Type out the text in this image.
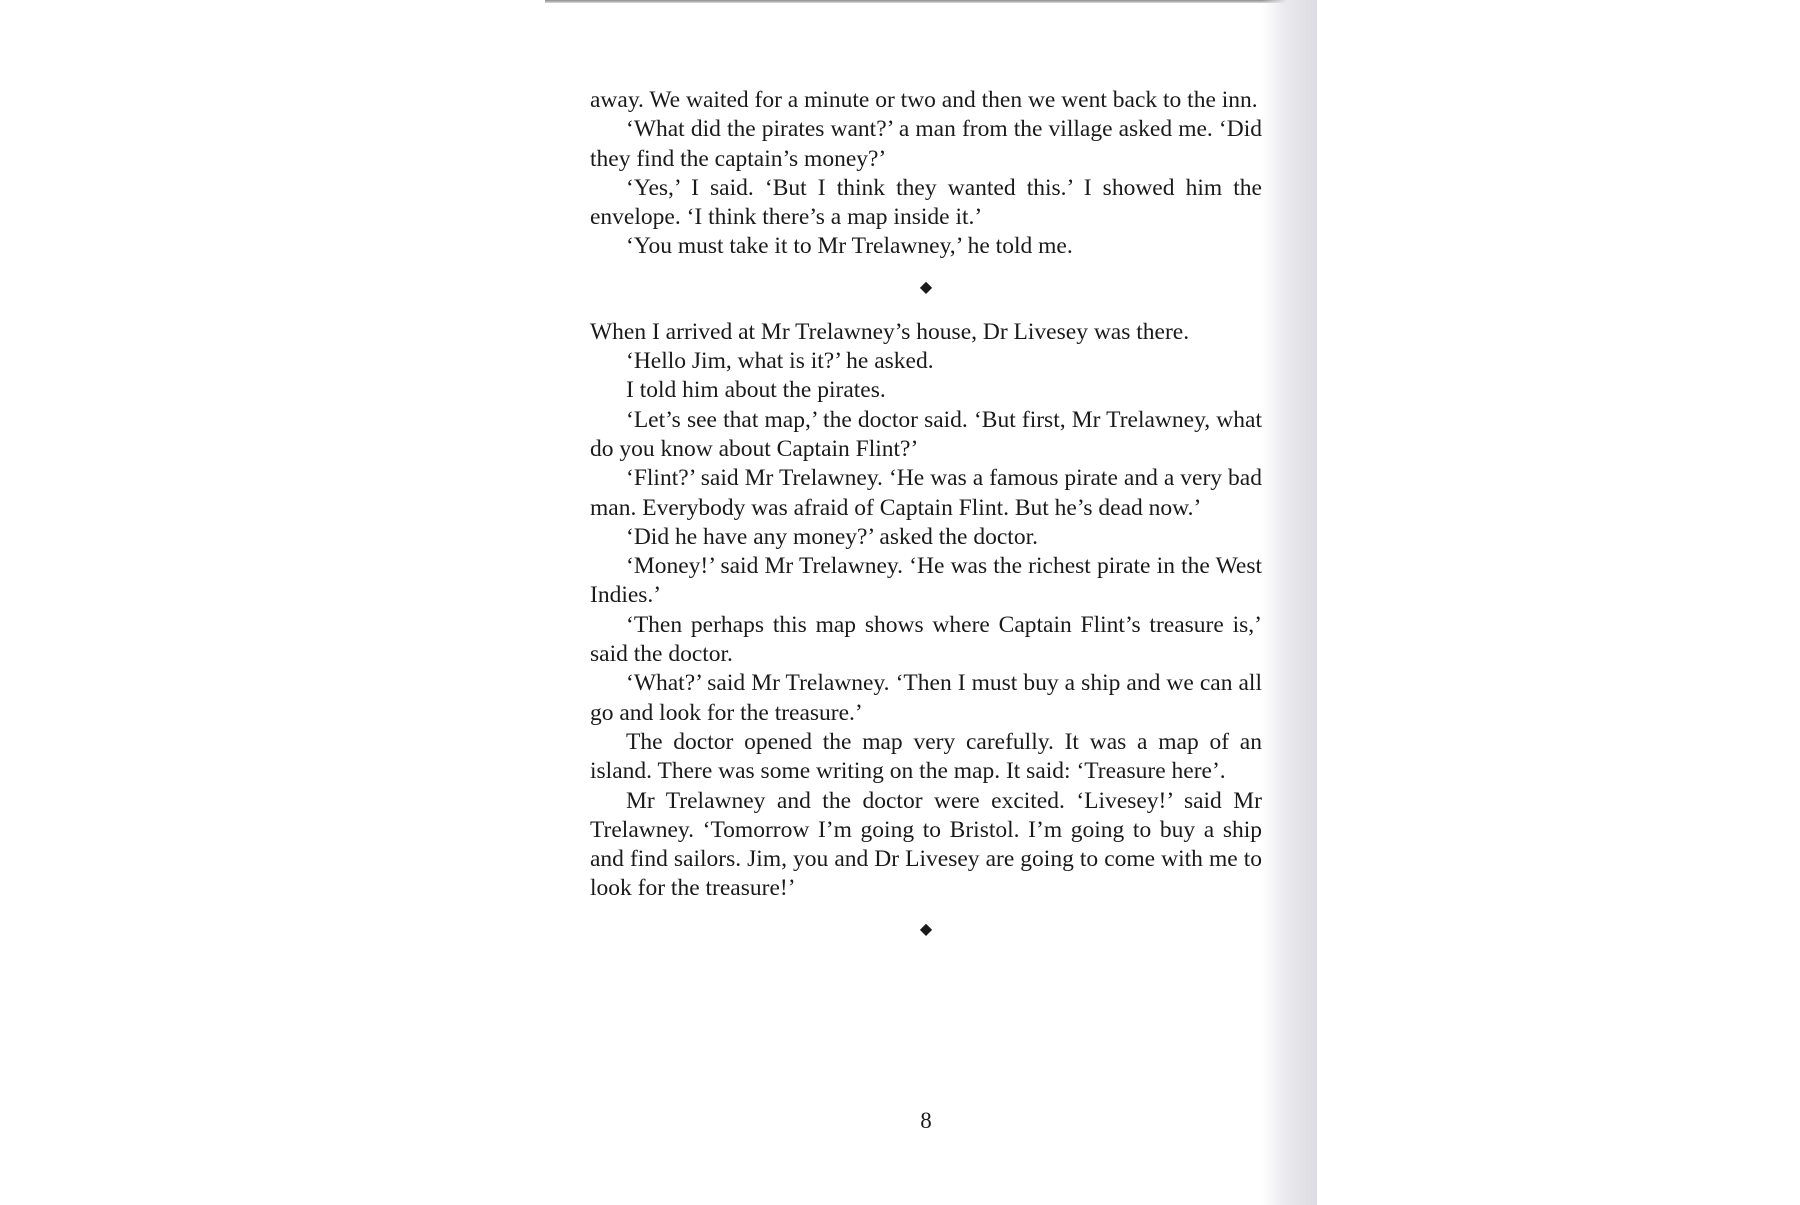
away. We waited for a minute or two and then we went back to the inn.

‘What did the pirates want?’ a man from the village asked me. ‘Did they find the captain’s money?’

‘Yes,’ I said. ‘But I think they wanted this.’ I showed him the envelope. ‘I think there’s a map inside it.’

‘You must take it to Mr Trelawney,’ he told me.

◆

When I arrived at Mr Trelawney’s house, Dr Livesey was there.

‘Hello Jim, what is it?’ he asked.

I told him about the pirates.

‘Let’s see that map,’ the doctor said. ‘But first, Mr Trelawney, what do you know about Captain Flint?’

‘Flint?’ said Mr Trelawney. ‘He was a famous pirate and a very bad man. Everybody was afraid of Captain Flint. But he’s dead now.’

‘Did he have any money?’ asked the doctor.

‘Money!’ said Mr Trelawney. ‘He was the richest pirate in the West Indies.’

‘Then perhaps this map shows where Captain Flint’s treasure is,’ said the doctor.

‘What?’ said Mr Trelawney. ‘Then I must buy a ship and we can all go and look for the treasure.’

The doctor opened the map very carefully. It was a map of an island. There was some writing on the map. It said: ‘Treasure here’.

Mr Trelawney and the doctor were excited. ‘Livesey!’ said Mr Trelawney. ‘Tomorrow I’m going to Bristol. I’m going to buy a ship and find sailors. Jim, you and Dr Livesey are going to come with me to look for the treasure!’

◆
8
